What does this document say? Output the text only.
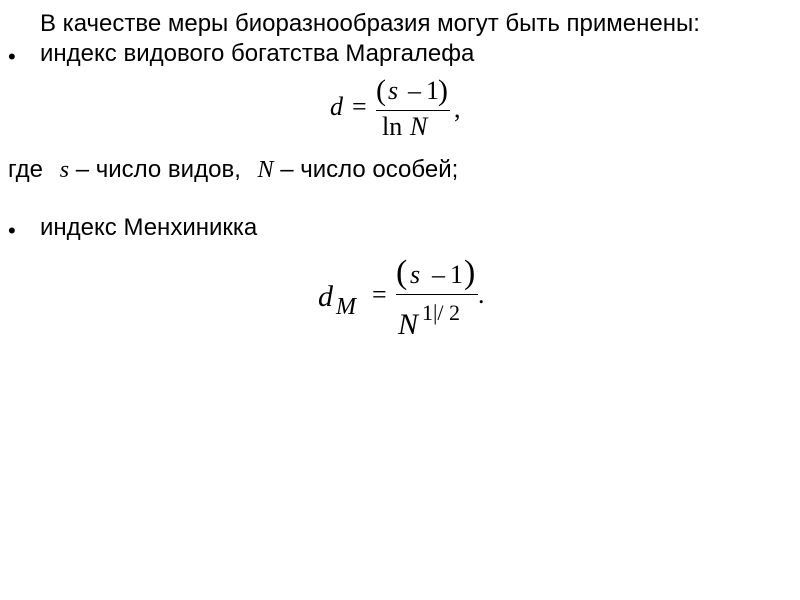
В качестве меры биоразнообразия могут быть применены:
• индекс видового богатства Маргалефа
d = ( s – 1 )
ln N
,
где s – число видов, N – число особей;
• индекс Менхиникка
d M =
( s – 1 )
N 1|/ 2
.
